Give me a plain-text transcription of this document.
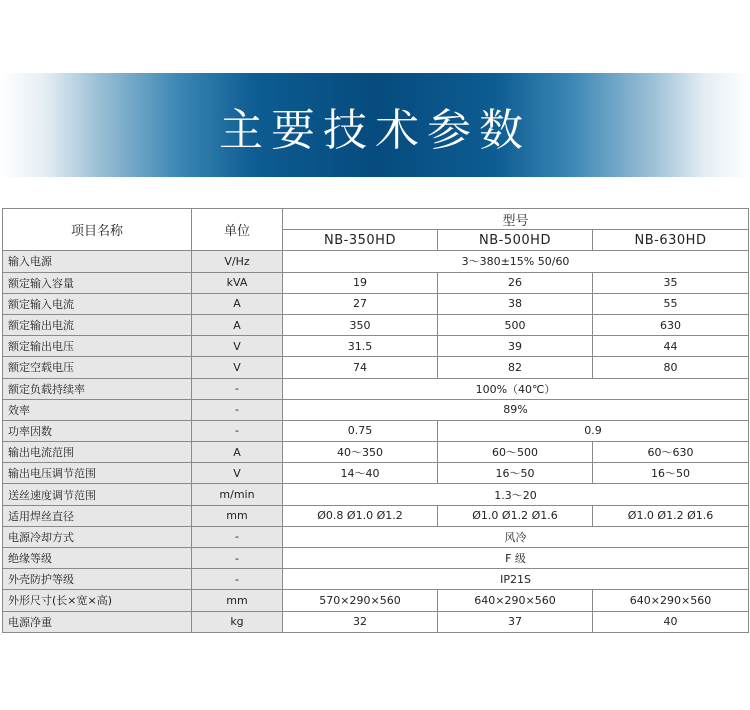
主要技术参数
项目名称	单位	型号		
		NB-350HD	NB-500HD	NB-630HD
输入电源	V/Hz	3～380±15% 50/60		
额定输入容量	kVA	19	26	35
额定输入电流	A	27	38	55
额定输出电流	A	350	500	630
额定输出电压	V	31.5	39	44
额定空载电压	V	74	82	80
额定负载持续率	-	100%（40℃）		
效率	-	89%		
功率因数	-	0.75	0.9	
输出电流范围	A	40～350	60～500	60～630
输出电压调节范围	V	14～40	16～50	16～50
送丝速度调节范围	m/min	1.3～20		
适用焊丝直径	mm	Ø0.8 Ø1.0 Ø1.2	Ø1.0 Ø1.2 Ø1.6	Ø1.0 Ø1.2 Ø1.6
电源冷却方式	-	风冷		
绝缘等级	-	F 级		
外壳防护等级	-	IP21S		
外形尺寸(长×宽×高)	mm	570×290×560	640×290×560	640×290×560
电源净重	kg	32	37	40
